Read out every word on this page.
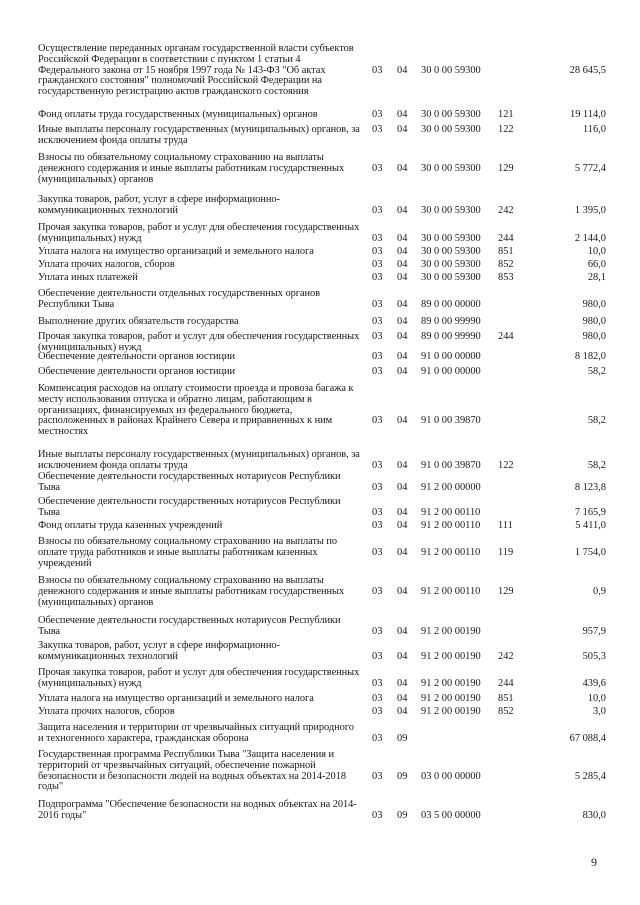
Осуществление переданных органам государственной власти субъектов Российской Федерации в соответствии с пунктом 1 статьи 4 Федерального закона от 15 ноября 1997 года № 143-ФЗ "Об актах гражданского состояния" полномочий Российской Федерации на государственную регистрацию актов гражданского состояния
03 04 30 0 00 59300	28 645,5
Фонд оплаты труда государственных (муниципальных) органов	03 04 30 0 00 59300 121	19 114,0
Иные выплаты персоналу государственных (муниципальных) органов, за исключением фонда оплаты труда
03 04 30 0 00 59300 122	116,0
Взносы по обязательному социальному страхованию на выплаты денежного содержания и иные выплаты работникам государственных (муниципальных) органов
03 04 30 0 00 59300 129	5 772,4
Закупка товаров, работ, услуг в сфере информационно-коммуникационных технологий	03 04 30 0 00 59300 242	1 395,0
Прочая закупка товаров, работ и услуг для обеспечения государственных (муниципальных) нужд	03 04 30 0 00 59300 244	2 144,0
Уплата налога на имущество организаций и земельного налога	03 04 30 0 00 59300 851	10,0
Уплата прочих налогов, сборов	03 04 30 0 00 59300 852	66,0
Уплата иных платежей	03 04 30 0 00 59300 853	28,1
Обеспечение деятельности отдельных государственных органов Республики Тыва	03 04 89 0 00 00000	980,0
Выполнение других обязательств государства	03 04 89 0 00 99990	980,0
Прочая закупка товаров, работ и услуг для обеспечения государственных (муниципальных) нужд
03 04 89 0 00 99990 244	980,0
Обеспечение деятельности органов юстиции	03 04 91 0 00 00000	8 182,0
Обеспечение деятельности органов юстиции	03 04 91 0 00 00000	58,2
Компенсация расходов на оплату стоимости проезда и провоза багажа к месту использования отпуска и обратно лицам, работающим в организациях, финансируемых из федерального бюджета, расположенных в районах Крайнего Севера и приравненных к ним местностях
03 04 91 0 00 39870	58,2
Иные выплаты персоналу государственных (муниципальных) органов, за исключением фонда оплаты труда	03 04 91 0 00 39870 122	58,2
Обеспечение деятельности государственных нотариусов Республики Тыва	03 04 91 2 00 00000	8 123,8
Обеспечение деятельности государственных нотариусов Республики Тыва	03 04 91 2 00 00110	7 165,9
Фонд оплаты труда казенных учреждений	03 04 91 2 00 00110 111	5 411,0
Взносы по обязательному социальному страхованию на выплаты по оплате труда работников и иные выплаты работникам казенных учреждений
03 04 91 2 00 00110 119	1 754,0
Взносы по обязательному социальному страхованию на выплаты денежного содержания и иные выплаты работникам государственных (муниципальных) органов
03 04 91 2 00 00110 129	0,9
Обеспечение деятельности государственных нотариусов Республики Тыва	03 04 91 2 00 00190	957,9
Закупка товаров, работ, услуг в сфере информационно-коммуникационных технологий	03 04 91 2 00 00190 242	505,3
Прочая закупка товаров, работ и услуг для обеспечения государственных (муниципальных) нужд	03 04 91 2 00 00190 244	439,6
Уплата налога на имущество организаций и земельного налога	03 04 91 2 00 00190 851	10,0
Уплата прочих налогов, сборов	03 04 91 2 00 00190 852	3,0
Защита населения и территории от чрезвычайных ситуаций природного и техногенного характера, гражданская оборона	03 09	67 088,4
Государственная программа Республики Тыва "Защита населения и территорий от чрезвычайных ситуаций, обеспечение пожарной безопасности и безопасности людей на водных объектах на 2014-2018 годы"
03 09 03 0 00 00000	5 285,4
Подпрограмма "Обеспечение безопасности на водных объектах на 2014-2016 годы"	03 09 03 5 00 00000	830,0
9
